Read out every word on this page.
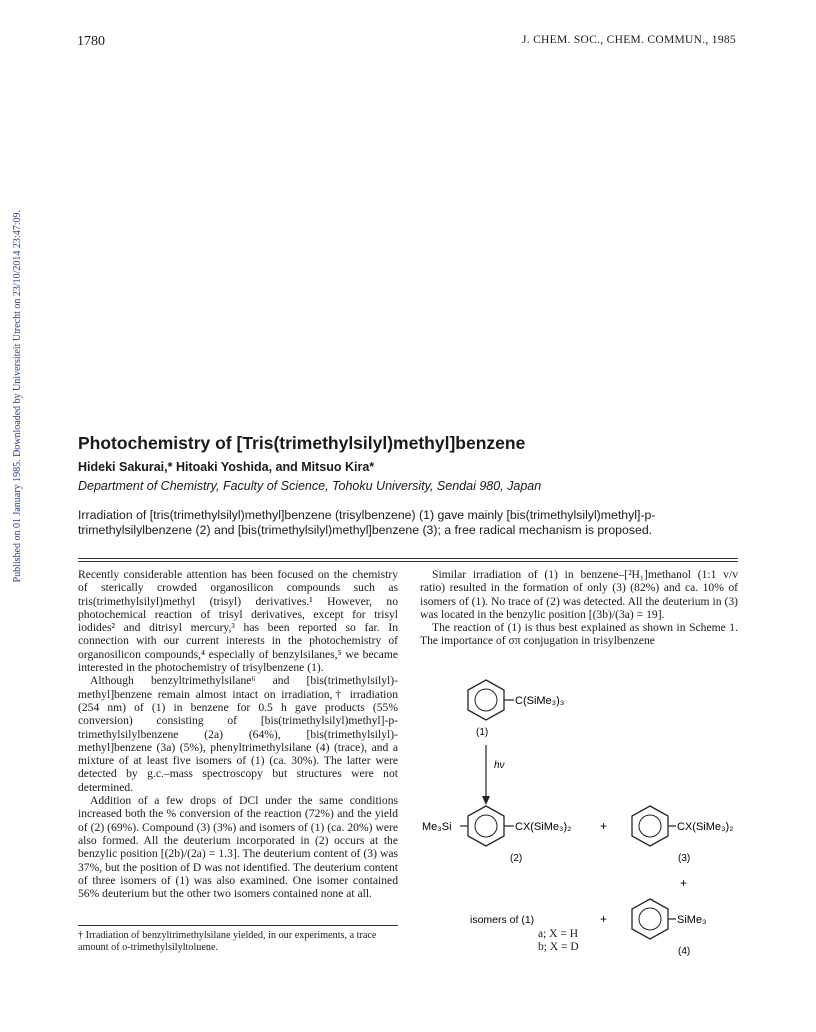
1780	J. CHEM. SOC., CHEM. COMMUN., 1985
Published on 01 January 1985. Downloaded by Universiteit Utrecht on 23/10/2014 23:47:09.	Photochemistry of [Tris(trimethylsilyl)methyl]benzene
Hideki Sakurai,* Hitoaki Yoshida, and Mitsuo Kira*
Department of Chemistry, Faculty of Science, Tohoku University, Sendai 980, Japan
Irradiation of [tris(trimethylsilyl)methyl]benzene (trisylbenzene) (1) gave mainly [bis(trimethylsilyl)methyl]-p-trimethylsilylbenzene (2) and [bis(trimethylsilyl)methyl]benzene (3); a free radical mechanism is proposed.

Recently considerable attention has been focused on the chemistry of sterically crowded organosilicon compounds such as tris(trimethylsilyl)methyl (trisyl) derivatives.¹ However, no photochemical reaction of trisyl derivatives, except for trisyl iodides² and ditrisyl mercury,³ has been reported so far. In connection with our current interests in the photochemistry of organosilicon compounds,⁴ especially of benzylsilanes,⁵ we became interested in the photochemistry of trisylbenzene (1).

Although benzyltrimethylsilane⁶ and [bis(trimethylsilyl)-methyl]benzene remain almost intact on irradiation,† irradiation (254 nm) of (1) in benzene for 0.5 h gave products (55% conversion) consisting of [bis(trimethylsilyl)methyl]-p-trimethylsilylbenzene (2a) (64%), [bis(trimethylsilyl)-methyl]benzene (3a) (5%), phenyltrimethylsilane (4) (trace), and a mixture of at least five isomers of (1) (ca. 30%). The latter were detected by g.c.–mass spectroscopy but structures were not determined.

Addition of a few drops of DCl under the same conditions increased both the % conversion of the reaction (72%) and the yield of (2) (69%). Compound (3) (3%) and isomers of (1) (ca. 20%) were also formed. All the deuterium incorporated in (2) occurs at the benzylic position [(2b)/(2a) = 1.3]. The deuterium content of (3) was 37%, but the position of D was not identified. The deuterium content of three isomers of (1) was also examined. One isomer contained 56% deuterium but the other two isomers contained none at all.

Similar irradiation of (1) in benzene–[²H₁]methanol (1:1 v/v ratio) resulted in the formation of only (3) (82%) and ca. 10% of isomers of (1). No trace of (2) was detected. All the deuterium in (3) was located in the benzylic position [(3b)/(3a) = 19].

The reaction of (1) is thus best explained as shown in Scheme 1. The importance of σπ conjugation in trisylbenzene

† Irradiation of benzyltrimethylsilane yielded, in our experiments, a trace amount of o-trimethylsilyltoluene.
C(SiMe₃)₃
(1)
hν
Me₃Si	CX(SiMe₃)₂
(2)
+	CX(SiMe₃)₂
(3)
+
isomers of (1)	+	SiMe₃
(4)
a; X = H
b; X = D
